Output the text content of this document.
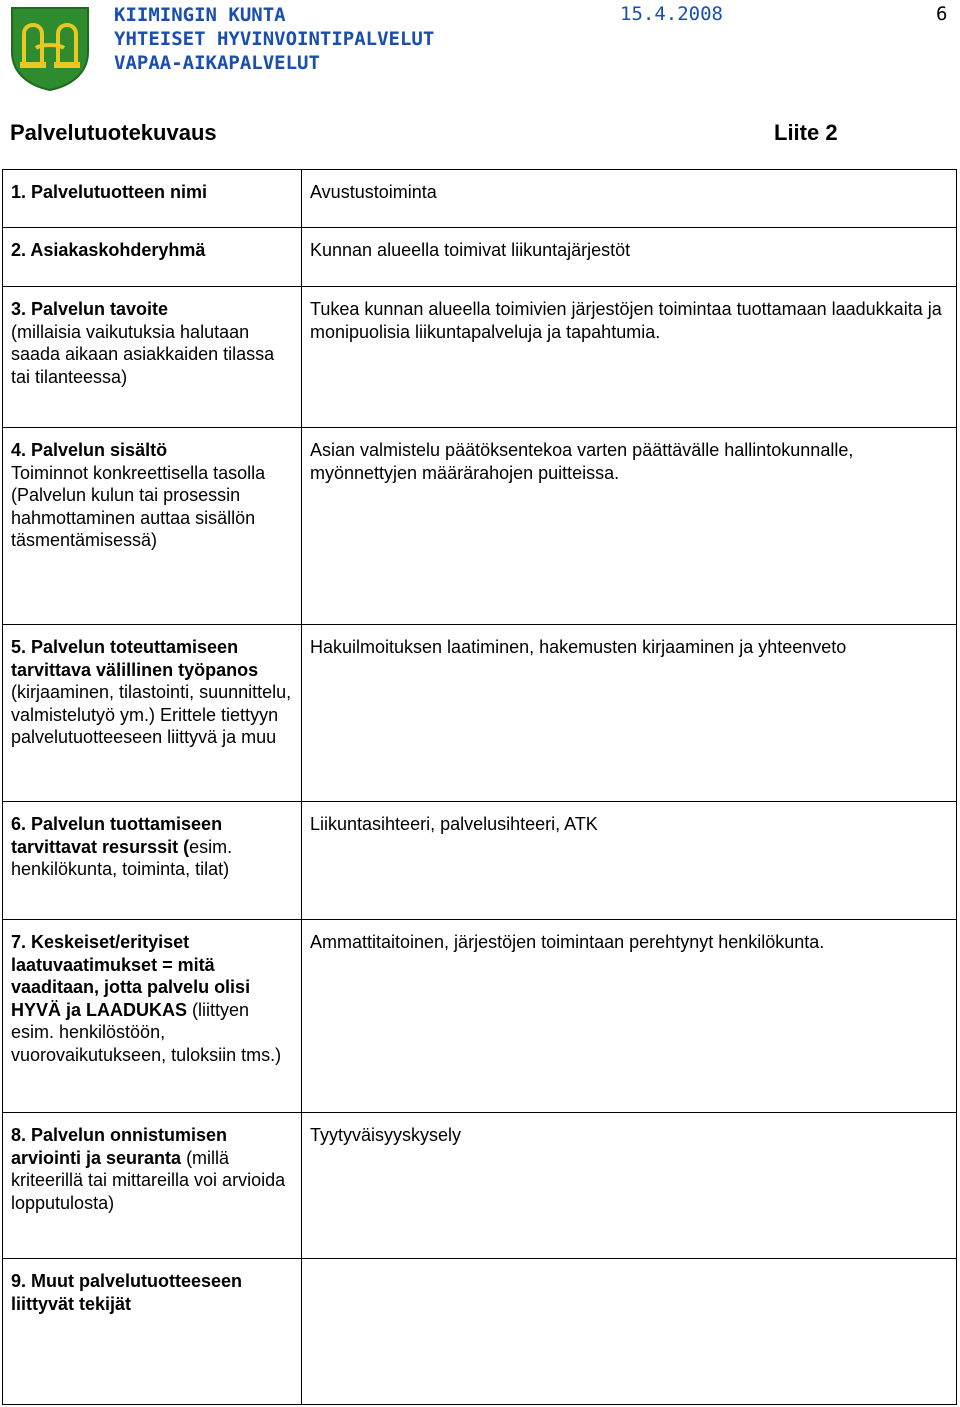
KIIMINGIN KUNTA
YHTEISET HYVINVOINTIPALVELUT
VAPAA-AIKAPALVELUT
15.4.2008	6
Palvelutuotekuvaus	Liite 2
1. Palvelutuotteen nimi	Avustustoiminta
2. Asiakaskohderyhmä	Kunnan alueella toimivat liikuntajärjestöt
3. Palvelun tavoite
(millaisia vaikutuksia halutaan saada aikaan asiakkaiden tilassa tai tilanteessa)	Tukea kunnan alueella toimivien järjestöjen toimintaa tuottamaan laadukkaita ja monipuolisia liikuntapalveluja ja tapahtumia.
4. Palvelun sisältö
Toiminnot konkreettisella tasolla (Palvelun kulun tai prosessin hahmottaminen auttaa sisällön täsmentämisessä)	Asian valmistelu päätöksentekoa varten päättävälle hallintokunnalle, myönnettyjen määrärahojen puitteissa.
5. Palvelun toteuttamiseen tarvittava välillinen työpanos (kirjaaminen, tilastointi, suunnittelu, valmistelutyö ym.) Erittele tiettyyn palvelutuotteeseen liittyvä ja muu	Hakuilmoituksen laatiminen, hakemusten kirjaaminen ja yhteenveto
6. Palvelun tuottamiseen tarvittavat resurssit (esim. henkilökunta, toiminta, tilat)	Liikuntasihteeri, palvelusihteeri, ATK
7. Keskeiset/erityiset laatuvaatimukset = mitä vaaditaan, jotta palvelu olisi HYVÄ ja LAADUKAS (liittyen esim. henkilöstöön, vuorovaikutukseen, tuloksiin tms.)	Ammattitaitoinen, järjestöjen toimintaan perehtynyt henkilökunta.
8. Palvelun onnistumisen arviointi ja seuranta (millä kriteerillä tai mittareilla voi arvioida lopputulosta)	Tyytyväisyyskysely
9. Muut palvelutuotteeseen liittyvät tekijät	
